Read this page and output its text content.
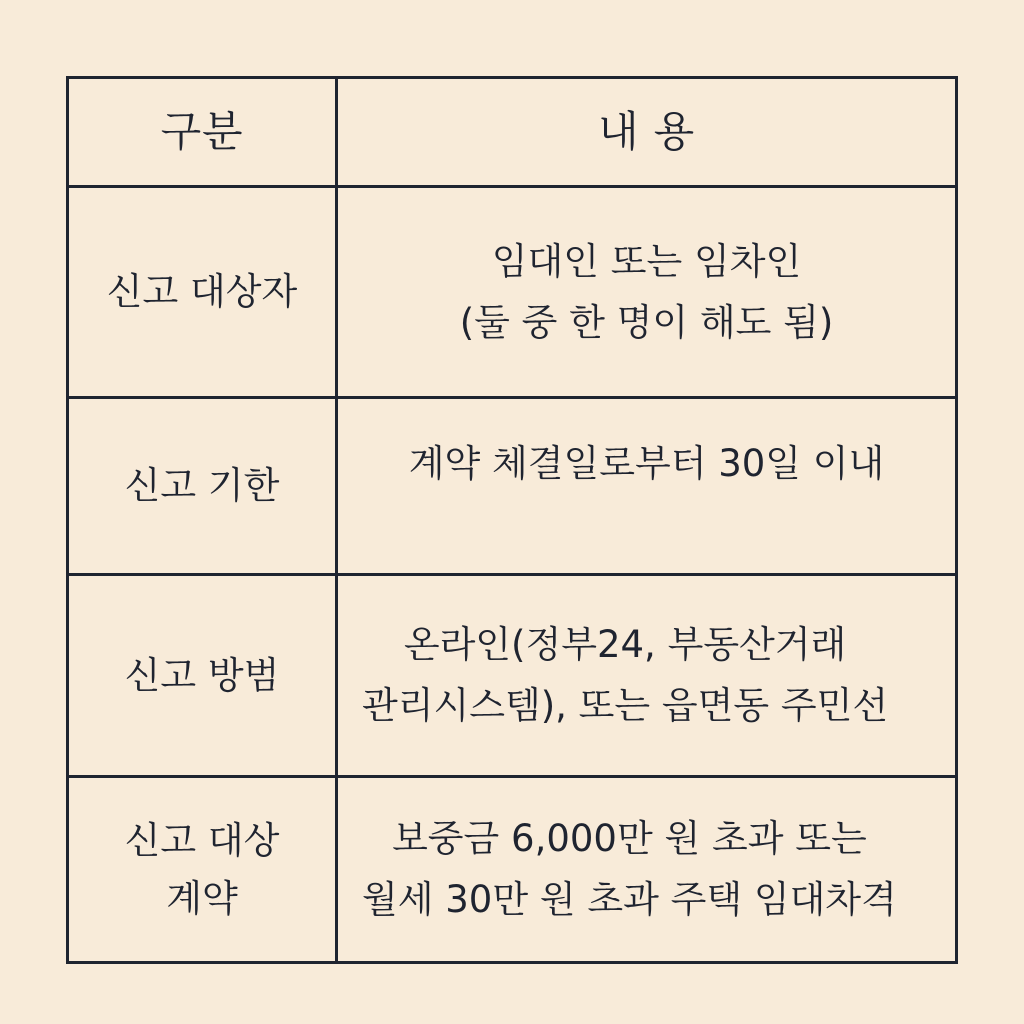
구분	내 용
신고 대상자
임대인 또는 임차인
(둘 중 한 명이 해도 됨)
신고 기한
계약 체결일로부터 30일 이내
신고 방범
온라인(정부24, 부동산거래
관리시스템), 또는 읍면동 주민선
신고 대상
계약
보중금 6,000만 원 초과 또는
월세 30만 원 초과 주택 임대차격
